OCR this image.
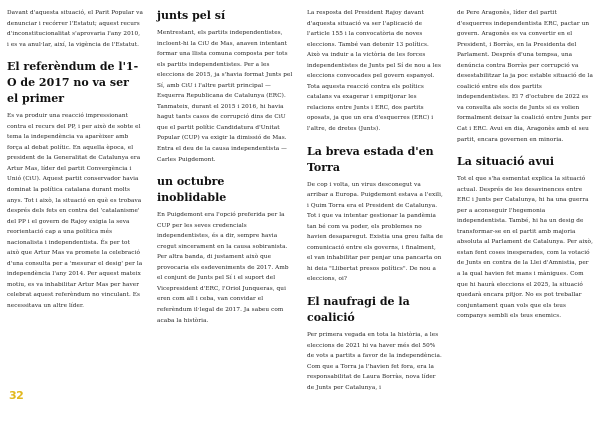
Davant d'aquesta situació, el Parit Popular va denunciar i recórrer l'Estatut; aquest recurs d'inconstitucionalitat s'aprovaria l'any 2010, i es va anul·lar, així, la vigència de l'Estatut.

El referèndum de l'1-O de 2017 no va ser el primer

Es va produir una reacció impressionant contra el recurs del PP, i per això de sobte el tema la independència va aparèixer amb força al debat polític. En aquella època, el president de la Generalitat de Catalunya era Artur Mas, líder del partit Convergència i Unió (CiU). Aquest partit conservador havia dominat la política catalana durant molts anys. Tot i això, la situació en què es trobava després dels fets en contra del 'catalanisme' del PP i el govern de Rajoy exigia la seva reorientació cap a una política més nacionalista i independentista. És per tot això que Artur Mas va promete la celebració d'una consulta per a 'mesurar el desig' per la independència l'any 2014. Per aquest mateix motiu, es va inhabilitar Artur Mas per haver celebrat aquest referèndum no vinculant. Es necessitava un altre líder.

junts pel sí

Mentrestant, els partits independentistes, incloent-hi la CiU de Mas, anaven intentant formar una llista comuna composta per tots els partits independentistes. Per a les eleccions de 2015, ja s'havia format Junts pel Sí, amb CiU i l'altre partit principal — Esquerra Republicana de Catalunya (ERC). Tanmateix, durant el 2015 i 2016, hi havia hagut tants casos de corrupció dins de CiU que el partit polític Candidatura d'Unitat Popular (CUP) va exigir la dimissió de Mas. Entra el deu de la causa independentista — Carles Puigdemont.

un octubre inoblidable

En Puigdemont era l'opció preferida per la CUP per les seves credencials independentistes, és a dir, sempre havia cregut sincerament en la causa sobiranista. Per altra banda, di justament això que provocaria els esdeveniments de 2017. Amb el conjunt de Junts pel Sí i el suport del Vicepresident d'ERC, l'Oriol Junqueras, qui eren com all i ceba, van convidar el referèndum il·legal de 2017. Ja sabeu com acaba la història.

La resposta del President Rajoy davant d'aquesta situació va ser l'aplicació de l'article 155 i la convocatòria de noves eleccions. També van detenir 13 polítics. Això va induir a la victòria de les forces independentistes de Junts pel Sí de nou a les eleccions convocades pel govern espanyol. Tota aquesta reacció contra els polítics catalans va exagerar i empitjorar les relacions entre Junts i ERC, dos partits oposats, ja que un era d'esquerres (ERC) i l'altre, de dretes (Junts).

La breva estada d'en Torra

De cop i volta, un virus desconegut va arribar a Europa. Puigdemont estava a l'exili, i Quim Torra era el President de Catalunya. Tot i que va intentar gestionar la pandèmia tan bé com va poder, els problemes no havien desaparegut. Existia una greu falta de comunicació entre els governs, i finalment, el van inhabilitar per penjar una pancarta on hi deia "Llibertat presos polítics". De nou a eleccions, oi?

El naufragi de la coalició

Per primera vegada en tota la història, a les eleccions de 2021 hi va haver més del 50% de vots a partits a favor de la independència. Com que a Torra ja l'havien fet fora, era la responsabilitat de Laura Borràs, nova líder de Junts per Catalunya, i

de Pere Aragonès, líder del partit d'esquerres independentista ERC, pactar un govern. Aragonès es va convertir en el President, i Borràs, en la Presidenta del Parlament. Després d'una tempsa, una denúncia contra Borràs per corrupció va desestabilitzar la ja poc estable situació de la coalició entre els dos partits independentistes. El 7 d'octubre de 2022 es va consulta als socis de Junts si es volien formalment deixar la coalició entre Junts per Cat i ERC. Avui en dia, Aragonès amb el seu partit, encara governen en minoria.

La situació avui

Tot el que s'ha esmentat explica la situació actual. Després de les desavinences entre ERC i Junts per Catalunya, hi ha una guerra per a aconseguir l'hegemonia independentista. També, hi ha un desig de transformar-se en el partit amb majoria absoluta al Parlament de Catalunya. Per això, estan fent coses inesperades, com la votació de Junts en contra de la Llei d'Amnistia, per a la qual havien fet mans i mànigues. Com que hi haurà eleccions el 2025, la situació quedarà encara pitjor. No es pot treballar conjuntament quan vols que els teus companys sembli els teus enemics.

32
